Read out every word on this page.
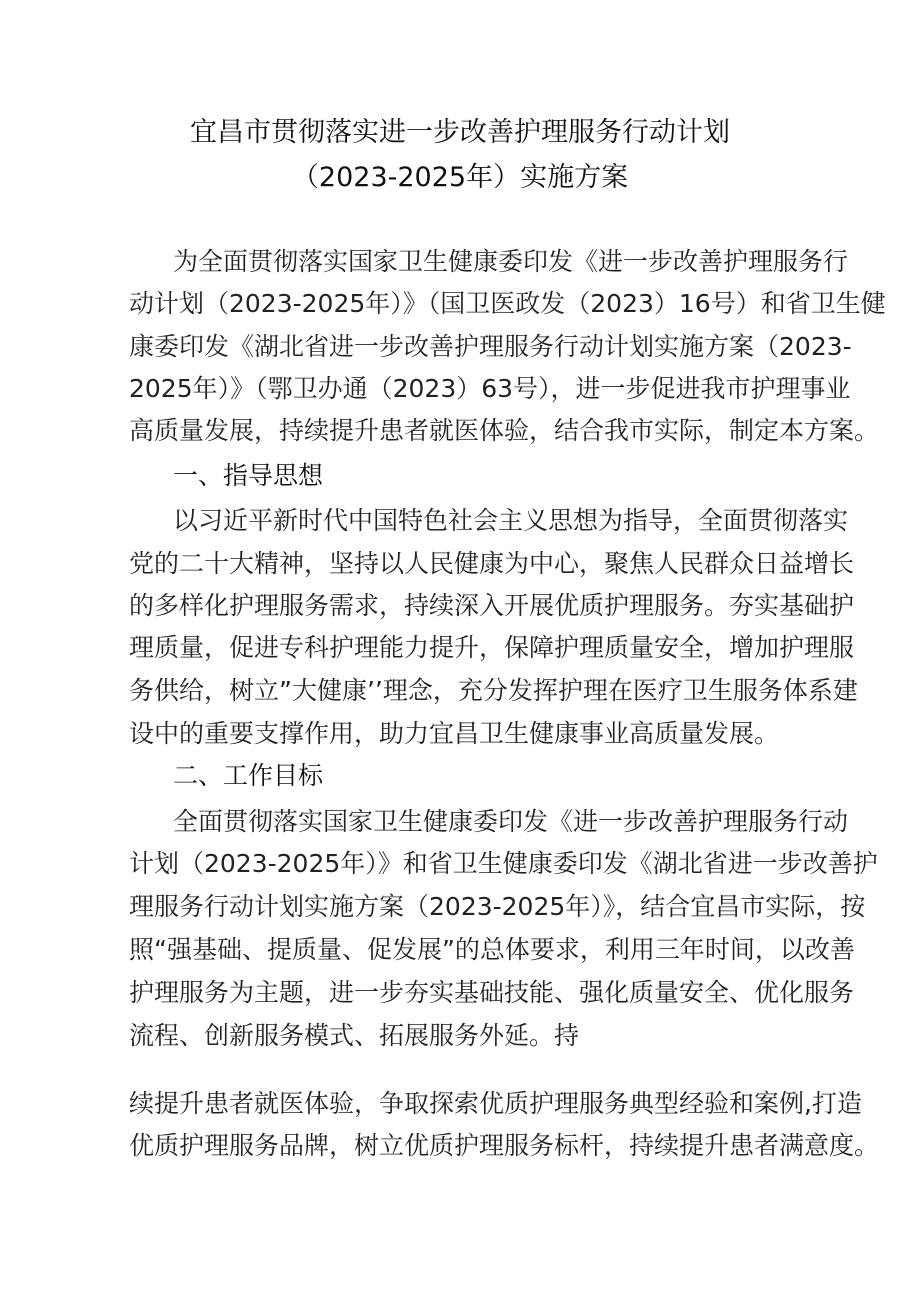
宜昌市贯彻落实进一步改善护理服务行动计划
（2023-2025年）实施方案
为全面贯彻落实国家卫生健康委印发《进一步改善护理服务行
动计划（2023-2025年）》（国卫医政发（2023）16号）和省卫生健
康委印发《湖北省进一步改善护理服务行动计划实施方案（2023-
2025年）》（鄂卫办通（2023）63号），进一步促进我市护理事业
高质量发展，持续提升患者就医体验，结合我市实际，制定本方案。
一、指导思想
以习近平新时代中国特色社会主义思想为指导，全面贯彻落实
党的二十大精神，坚持以人民健康为中心，聚焦人民群众日益增长
的多样化护理服务需求，持续深入开展优质护理服务。夯实基础护
理质量，促进专科护理能力提升，保障护理质量安全，增加护理服
务供给，树立”大健康’’理念，充分发挥护理在医疗卫生服务体系建
设中的重要支撑作用，助力宜昌卫生健康事业高质量发展。
二、工作目标
全面贯彻落实国家卫生健康委印发《进一步改善护理服务行动
计划（2023-2025年）》和省卫生健康委印发《湖北省进一步改善护
理服务行动计划实施方案（2023-2025年）》，结合宜昌市实际，按
照“强基础、提质量、促发展”的总体要求，利用三年时间，以改善
护理服务为主题，进一步夯实基础技能、强化质量安全、优化服务
流程、创新服务模式、拓展服务外延。持
续提升患者就医体验，争取探索优质护理服务典型经验和案例,打造
优质护理服务品牌，树立优质护理服务标杆，持续提升患者满意度。
